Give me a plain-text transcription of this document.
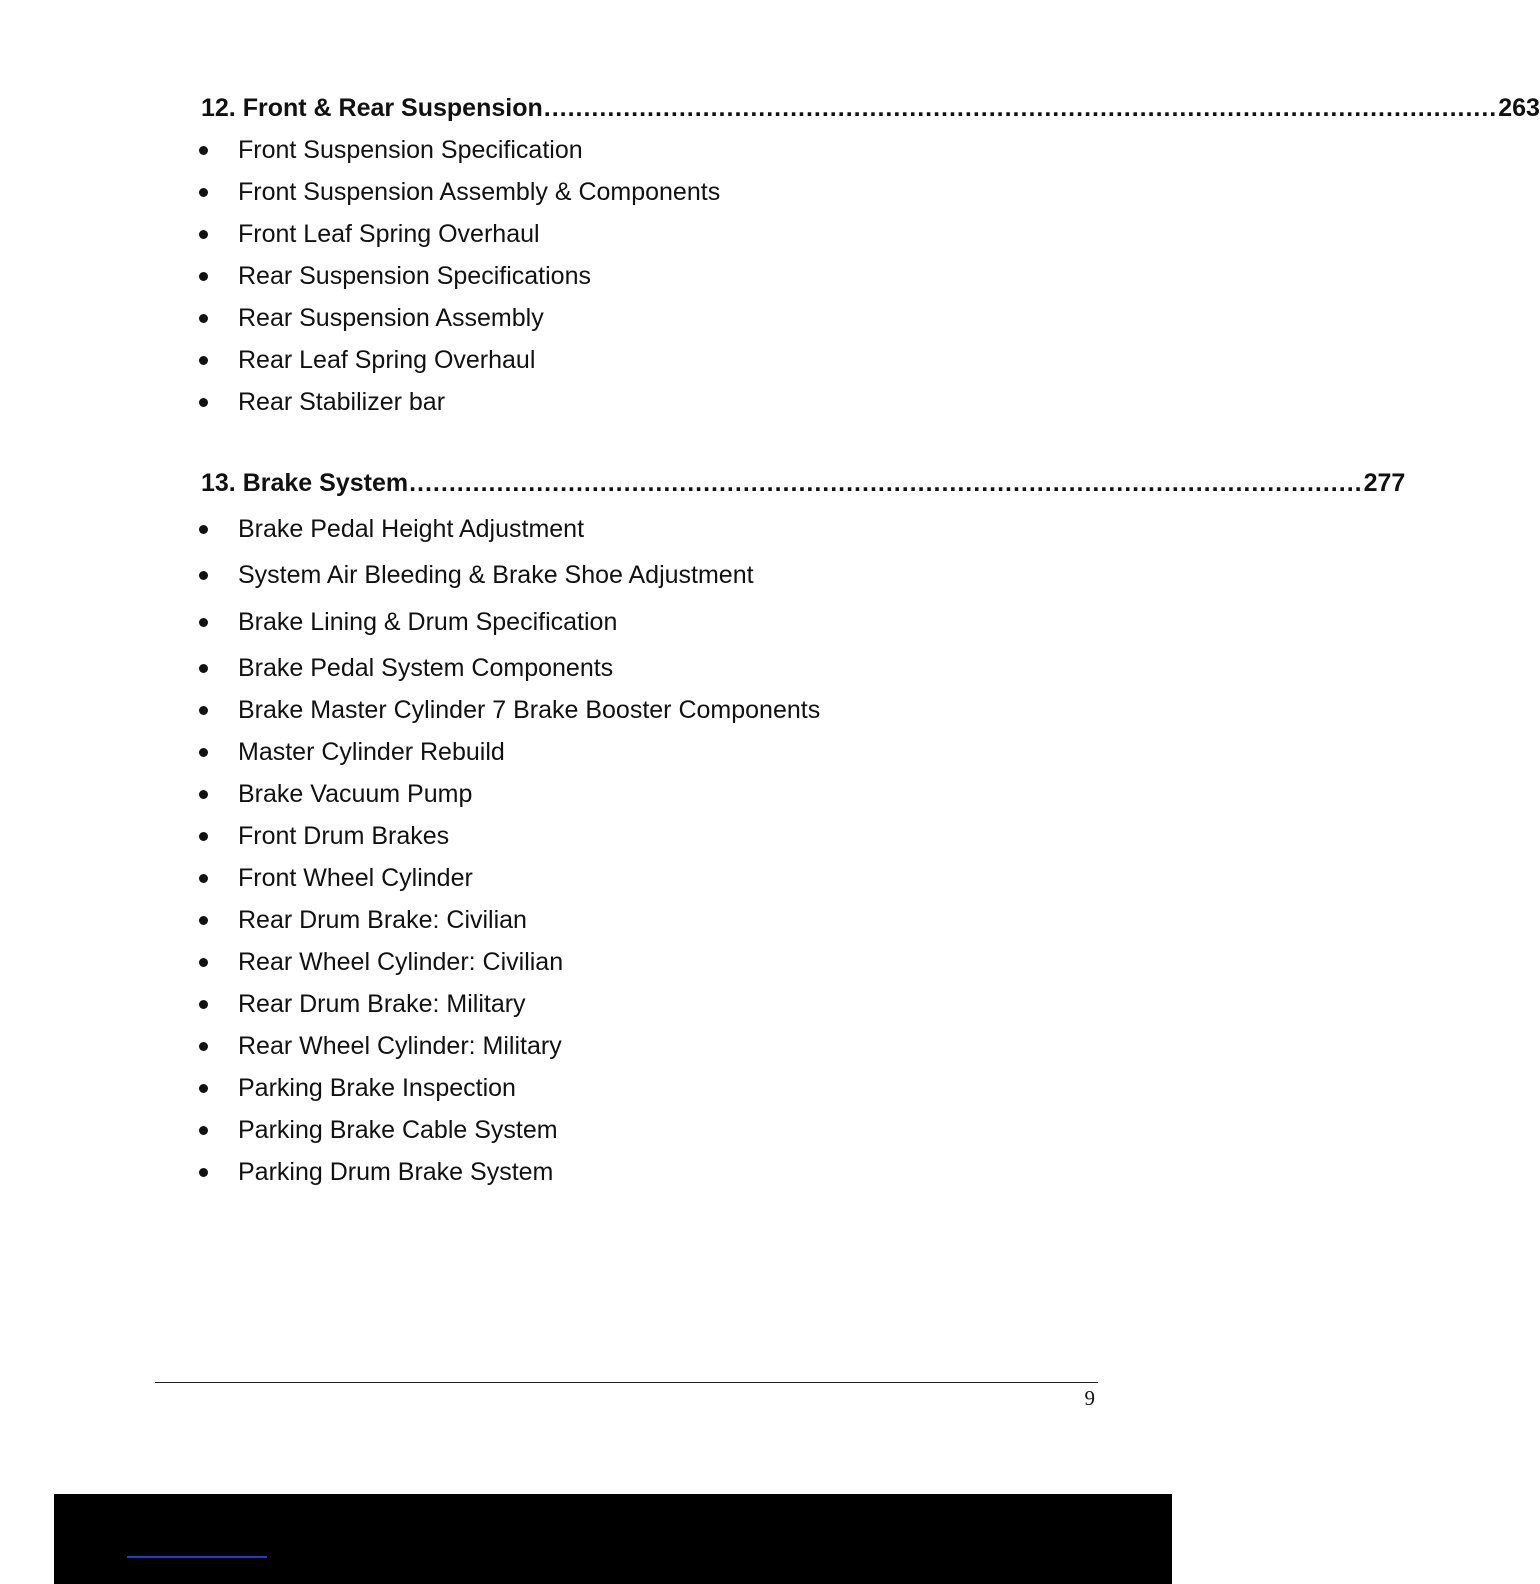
12. Front & Rear Suspension ........................................................................................................................ 263
Front Suspension Specification
Front Suspension Assembly & Components
Front Leaf Spring Overhaul
Rear Suspension Specifications
Rear Suspension Assembly
Rear Leaf Spring Overhaul
Rear Stabilizer bar
13. Brake System ........................................................................................................................ 277
Brake Pedal Height Adjustment
System Air Bleeding & Brake Shoe Adjustment
Brake Lining & Drum Specification
Brake Pedal System Components
Brake Master Cylinder 7 Brake Booster Components
Master Cylinder Rebuild
Brake Vacuum Pump
Front Drum Brakes
Front Wheel Cylinder
Rear Drum Brake: Civilian
Rear Wheel Cylinder: Civilian
Rear Drum Brake: Military
Rear Wheel Cylinder: Military
Parking Brake Inspection
Parking Brake Cable System
Parking Drum Brake System
9
